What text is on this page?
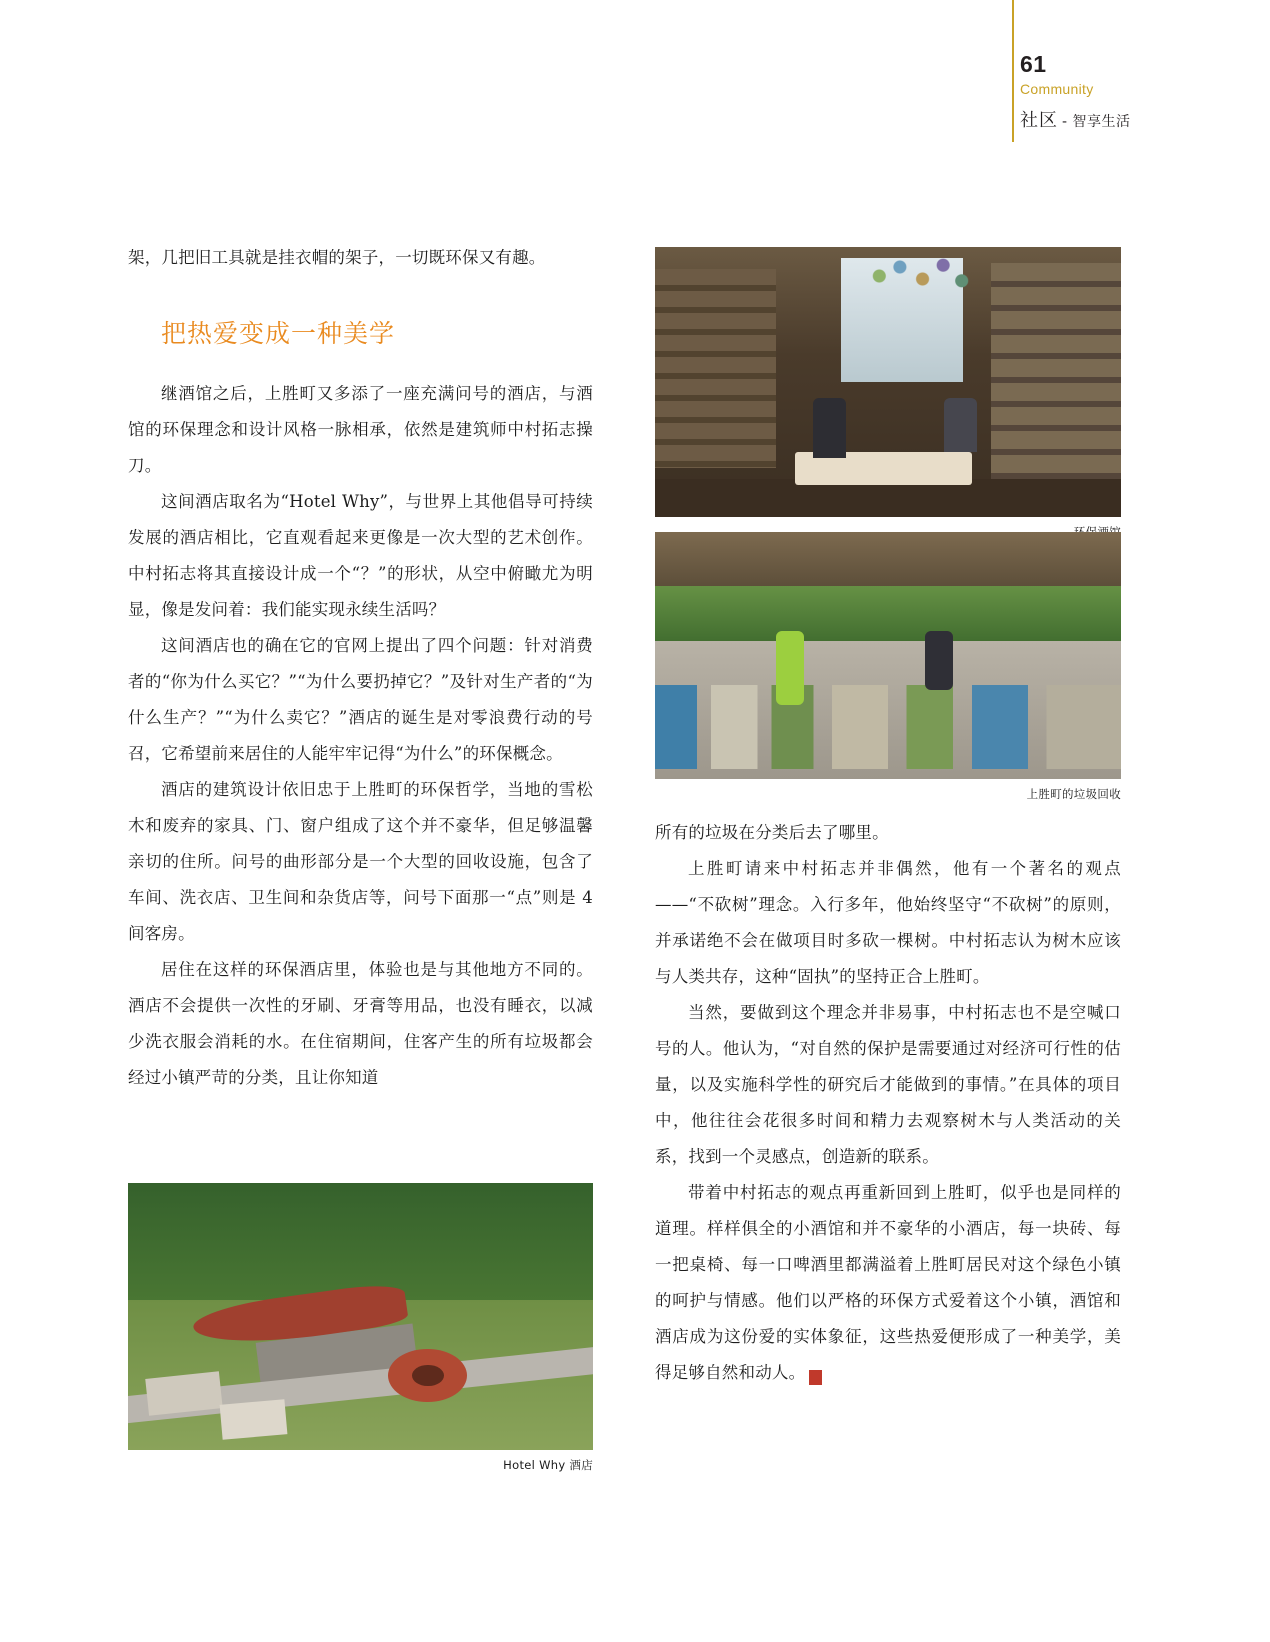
61
Community
社区 - 智享生活

架，几把旧工具就是挂衣帽的架子，一切既环保又有趣。

把热爱变成一种美学

继酒馆之后，上胜町又多添了一座充满问号的酒店，与酒馆的环保理念和设计风格一脉相承，依然是建筑师中村拓志操刀。

这间酒店取名为“Hotel Why”，与世界上其他倡导可持续发展的酒店相比，它直观看起来更像是一次大型的艺术创作。中村拓志将其直接设计成一个“？”的形状，从空中俯瞰尤为明显，像是发问着：我们能实现永续生活吗？

这间酒店也的确在它的官网上提出了四个问题：针对消费者的“你为什么买它？”“为什么要扔掉它？”及针对生产者的“为什么生产？”“为什么卖它？”酒店的诞生是对零浪费行动的号召，它希望前来居住的人能牢牢记得“为什么”的环保概念。

酒店的建筑设计依旧忠于上胜町的环保哲学，当地的雪松木和废弃的家具、门、窗户组成了这个并不豪华，但足够温馨亲切的住所。问号的曲形部分是一个大型的回收设施，包含了车间、洗衣店、卫生间和杂货店等，问号下面那一“点”则是 4 间客房。

居住在这样的环保酒店里，体验也是与其他地方不同的。酒店不会提供一次性的牙刷、牙膏等用品，也没有睡衣，以减少洗衣服会消耗的水。在住宿期间，住客产生的所有垃圾都会经过小镇严苛的分类，且让你知道

所有的垃圾在分类后去了哪里。

上胜町请来中村拓志并非偶然，他有一个著名的观点——“不砍树”理念。入行多年，他始终坚守“不砍树”的原则，并承诺绝不会在做项目时多砍一棵树。中村拓志认为树木应该与人类共存，这种“固执”的坚持正合上胜町。

当然，要做到这个理念并非易事，中村拓志也不是空喊口号的人。他认为，“对自然的保护是需要通过对经济可行性的估量，以及实施科学性的研究后才能做到的事情。”在具体的项目中，他往往会花很多时间和精力去观察树木与人类活动的关系，找到一个灵感点，创造新的联系。

带着中村拓志的观点再重新回到上胜町，似乎也是同样的道理。样样俱全的小酒馆和并不豪华的小酒店，每一块砖、每一把桌椅、每一口啤酒里都满溢着上胜町居民对这个绿色小镇的呵护与情感。他们以严格的环保方式爱着这个小镇，酒馆和酒店成为这份爱的实体象征，这些热爱便形成了一种美学，美得足够自然和动人。	S

上胜町的垃圾回收
Hotel Why 酒店
